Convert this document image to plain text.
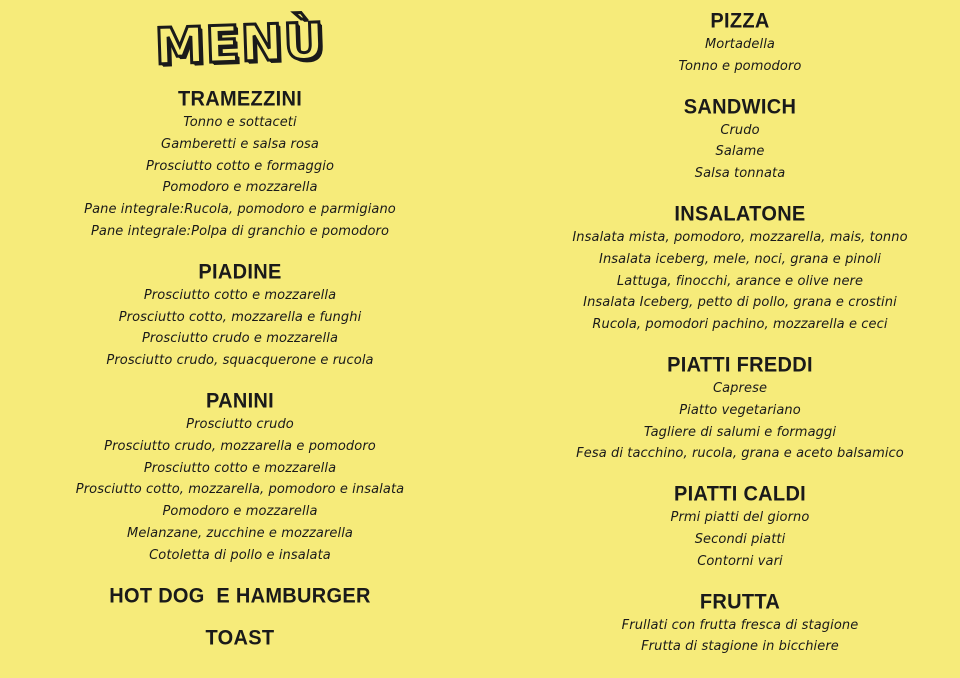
MENÙ
TRAMEZZINI
Tonno e sottaceti
Gamberetti e salsa rosa
Prosciutto cotto e formaggio
Pomodoro e mozzarella
Pane integrale:Rucola, pomodoro e parmigiano
Pane integrale:Polpa di granchio e pomodoro
PIADINE
Prosciutto cotto e mozzarella
Prosciutto cotto, mozzarella e funghi
Prosciutto crudo e mozzarella
Prosciutto crudo, squacquerone e rucola
PANINI
Prosciutto crudo
Prosciutto crudo, mozzarella e pomodoro
Prosciutto cotto e mozzarella
Prosciutto cotto, mozzarella, pomodoro e insalata
Pomodoro e mozzarella
Melanzane, zucchine e mozzarella
Cotoletta di pollo e insalata
HOT DOG  E HAMBURGER
TOAST
PIZZA
Mortadella
Tonno e pomodoro
SANDWICH
Crudo
Salame
Salsa tonnata
INSALATONE
Insalata mista, pomodoro, mozzarella, mais, tonno
Insalata iceberg, mele, noci, grana e pinoli
Lattuga, finocchi, arance e olive nere
Insalata Iceberg, petto di pollo, grana e crostini
Rucola, pomodori pachino, mozzarella e ceci
PIATTI FREDDI
Caprese
Piatto vegetariano
Tagliere di salumi e formaggi
Fesa di tacchino, rucola, grana e aceto balsamico
PIATTI CALDI
Prmi piatti del giorno
Secondi piatti
Contorni vari
FRUTTA
Frullati con frutta fresca di stagione
Frutta di stagione in bicchiere
